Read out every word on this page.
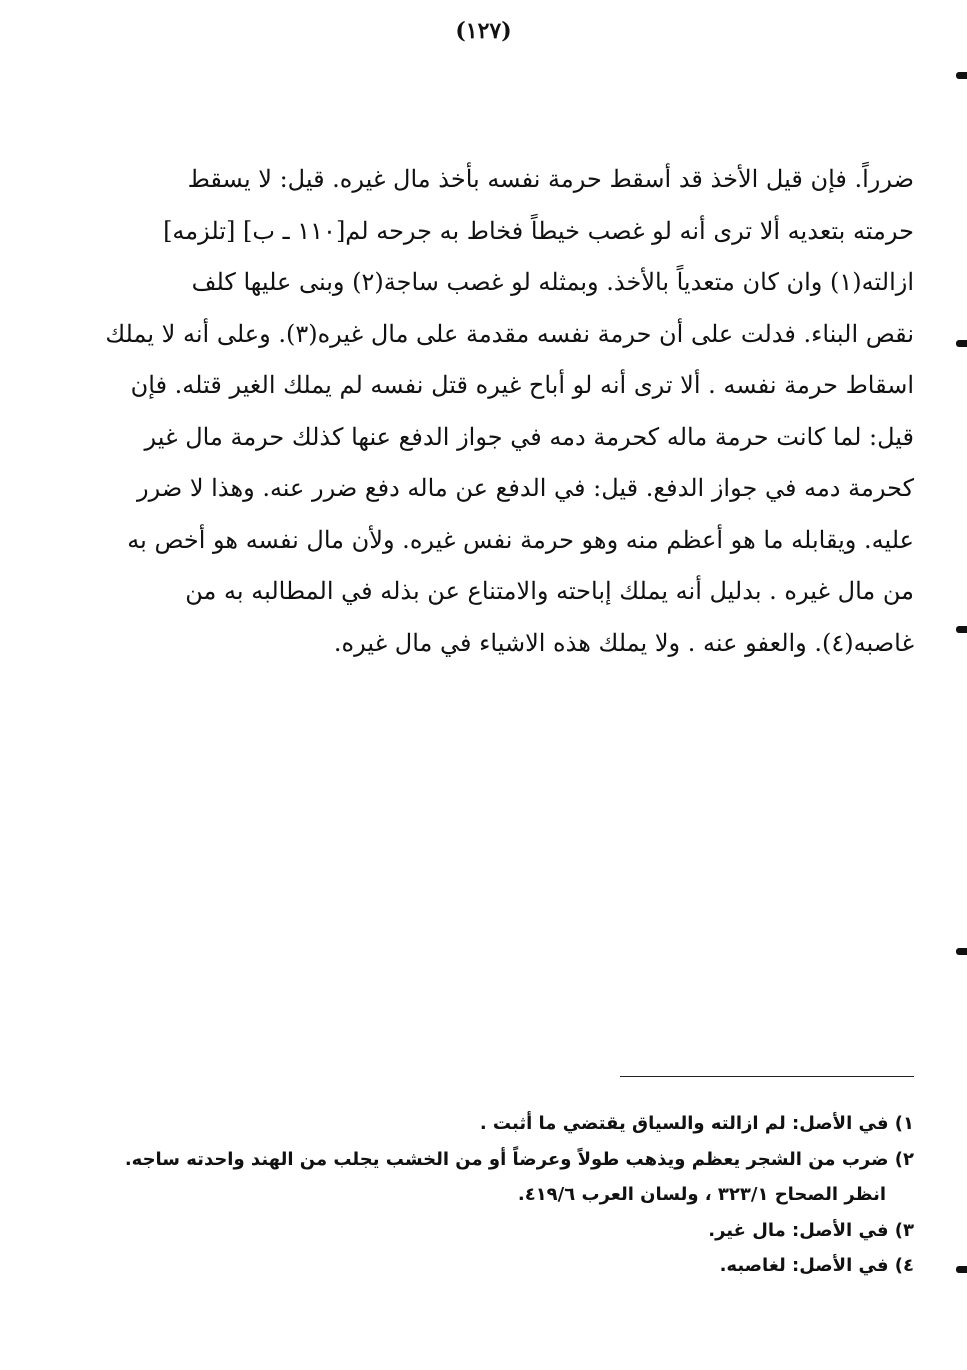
(١٢٧)
ضرراً. فإن قيل الأخذ قد أسقط حرمة نفسه بأخذ مال غيره. قيل: لا يسقط
حرمته بتعديه ألا ترى أنه لو غصب خيطاً فخاط به جرحه لم[١١٠ ـ ب] [تلزمه]
ازالته(١) وان كان متعدياً بالأخذ. وبمثله لو غصب ساجة(٢) وبنى عليها كلف
نقص البناء. فدلت على أن حرمة نفسه مقدمة على مال غيره(٣). وعلى أنه لا يملك
اسقاط حرمة نفسه . ألا ترى أنه لو أباح غيره قتل نفسه لم يملك الغير قتله. فإن
قيل: لما كانت حرمة ماله كحرمة دمه في جواز الدفع عنها كذلك حرمة مال غير
كحرمة دمه في جواز الدفع. قيل: في الدفع عن ماله دفع ضرر عنه. وهذا لا ضرر
عليه. ويقابله ما هو أعظم منه وهو حرمة نفس غيره. ولأن مال نفسه هو أخص به
من مال غيره . بدليل أنه يملك إباحته والامتناع عن بذله في المطالبه به من
غاصبه(٤). والعفو عنه . ولا يملك هذه الاشياء في مال غيره.
١) في الأصل: لم ازالته والسياق يقتضي ما أثبت .
٢) ضرب من الشجر يعظم ويذهب طولاً وعرضاً أو من الخشب يجلب من الهند واحدته ساجه.
انظر الصحاح ٣٢٣/١ ، ولسان العرب ٤١٩/٦.
٣) في الأصل: مال غير.
٤) في الأصل: لغاصبه.
